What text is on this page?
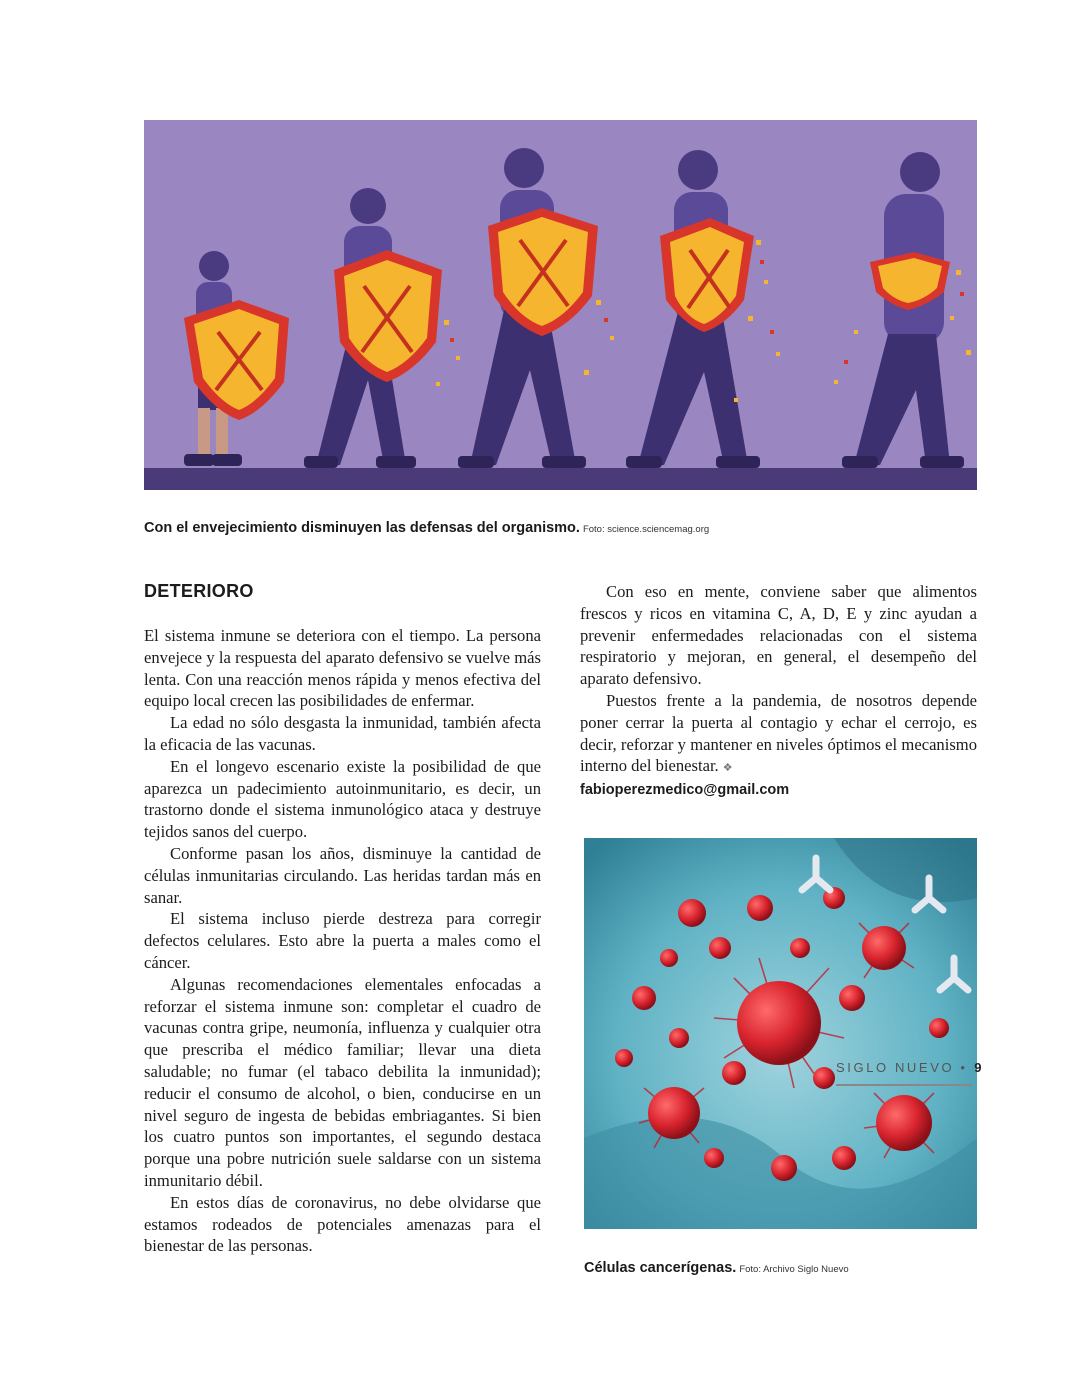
Con el envejecimiento disminuyen las defensas del organismo. Foto: science.sciencemag.org
DETERIORO

El sistema inmune se deteriora con el tiempo. La persona envejece y la respuesta del aparato defensivo se vuelve más lenta. Con una reacción menos rápida y menos efectiva del equipo local crecen las posibilidades de enfermar.

La edad no sólo desgasta la inmunidad, también afecta la eficacia de las vacunas.

En el longevo escenario existe la posibilidad de que aparezca un padecimiento autoinmunitario, es decir, un trastorno donde el sistema inmunológico ataca y destruye tejidos sanos del cuerpo.

Conforme pasan los años, disminuye la cantidad de células inmunitarias circulando. Las heridas tardan más en sanar.

El sistema incluso pierde destreza para corregir defectos celulares. Esto abre la puerta a males como el cáncer.

Algunas recomendaciones elementales enfocadas a reforzar el sistema inmune son: completar el cuadro de vacunas contra gripe, neumonía, influenza y cualquier otra que prescriba el médico familiar; llevar una dieta saludable; no fumar (el tabaco debilita la inmunidad); reducir el consumo de alcohol, o bien, conducirse en un nivel seguro de ingesta de bebidas embriagantes. Si bien los cuatro puntos son importantes, el segundo destaca porque una pobre nutrición suele saldarse con un sistema inmunitario débil.

En estos días de coronavirus, no debe olvidarse que estamos rodeados de potenciales amenazas para el bienestar de las personas.

Con eso en mente, conviene saber que alimentos frescos y ricos en vitamina C, A, D, E y zinc ayudan a prevenir enfermedades relacionadas con el sistema respiratorio y mejoran, en general, el desempeño del aparato defensivo.

Puestos frente a la pandemia, de nosotros depende poner cerrar la puerta al contagio y echar el cerrojo, es decir, reforzar y mantener en niveles óptimos el mecanismo interno del bienestar. ❖

fabioperezmedico@gmail.com
Células cancerígenas. Foto: Archivo Siglo Nuevo
SIGLO NUEVO • 9
